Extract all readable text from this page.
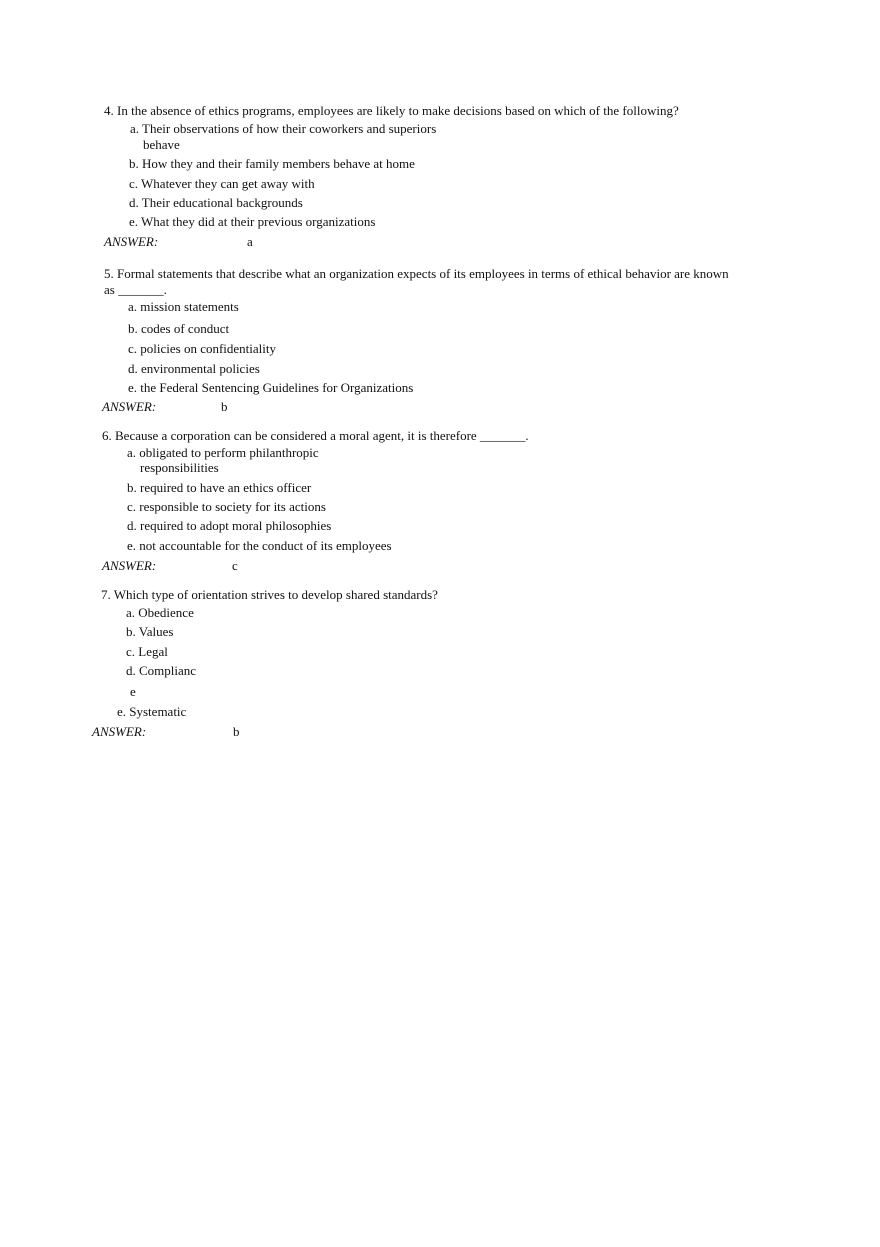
4. In the absence of ethics programs, employees are likely to make decisions based on which of the following?
a. Their observations of how their coworkers and superiors
behave
b. How they and their family members behave at home
c. Whatever they can get away with
d. Their educational backgrounds
e. What they did at their previous organizations
ANSWER:	a
5. Formal statements that describe what an organization expects of its employees in terms of ethical behavior are known
as _______.
a. mission statements
b. codes of conduct
c. policies on confidentiality
d. environmental policies
e. the Federal Sentencing Guidelines for Organizations
ANSWER:	b
6. Because a corporation can be considered a moral agent, it is therefore _______.
a. obligated to perform philanthropic
responsibilities
b. required to have an ethics officer
c. responsible to society for its actions
d. required to adopt moral philosophies
e. not accountable for the conduct of its employees
ANSWER:	c
7. Which type of orientation strives to develop shared standards?
a. Obedience
b. Values
c. Legal
d. Complianc
e
e. Systematic
ANSWER:	b
